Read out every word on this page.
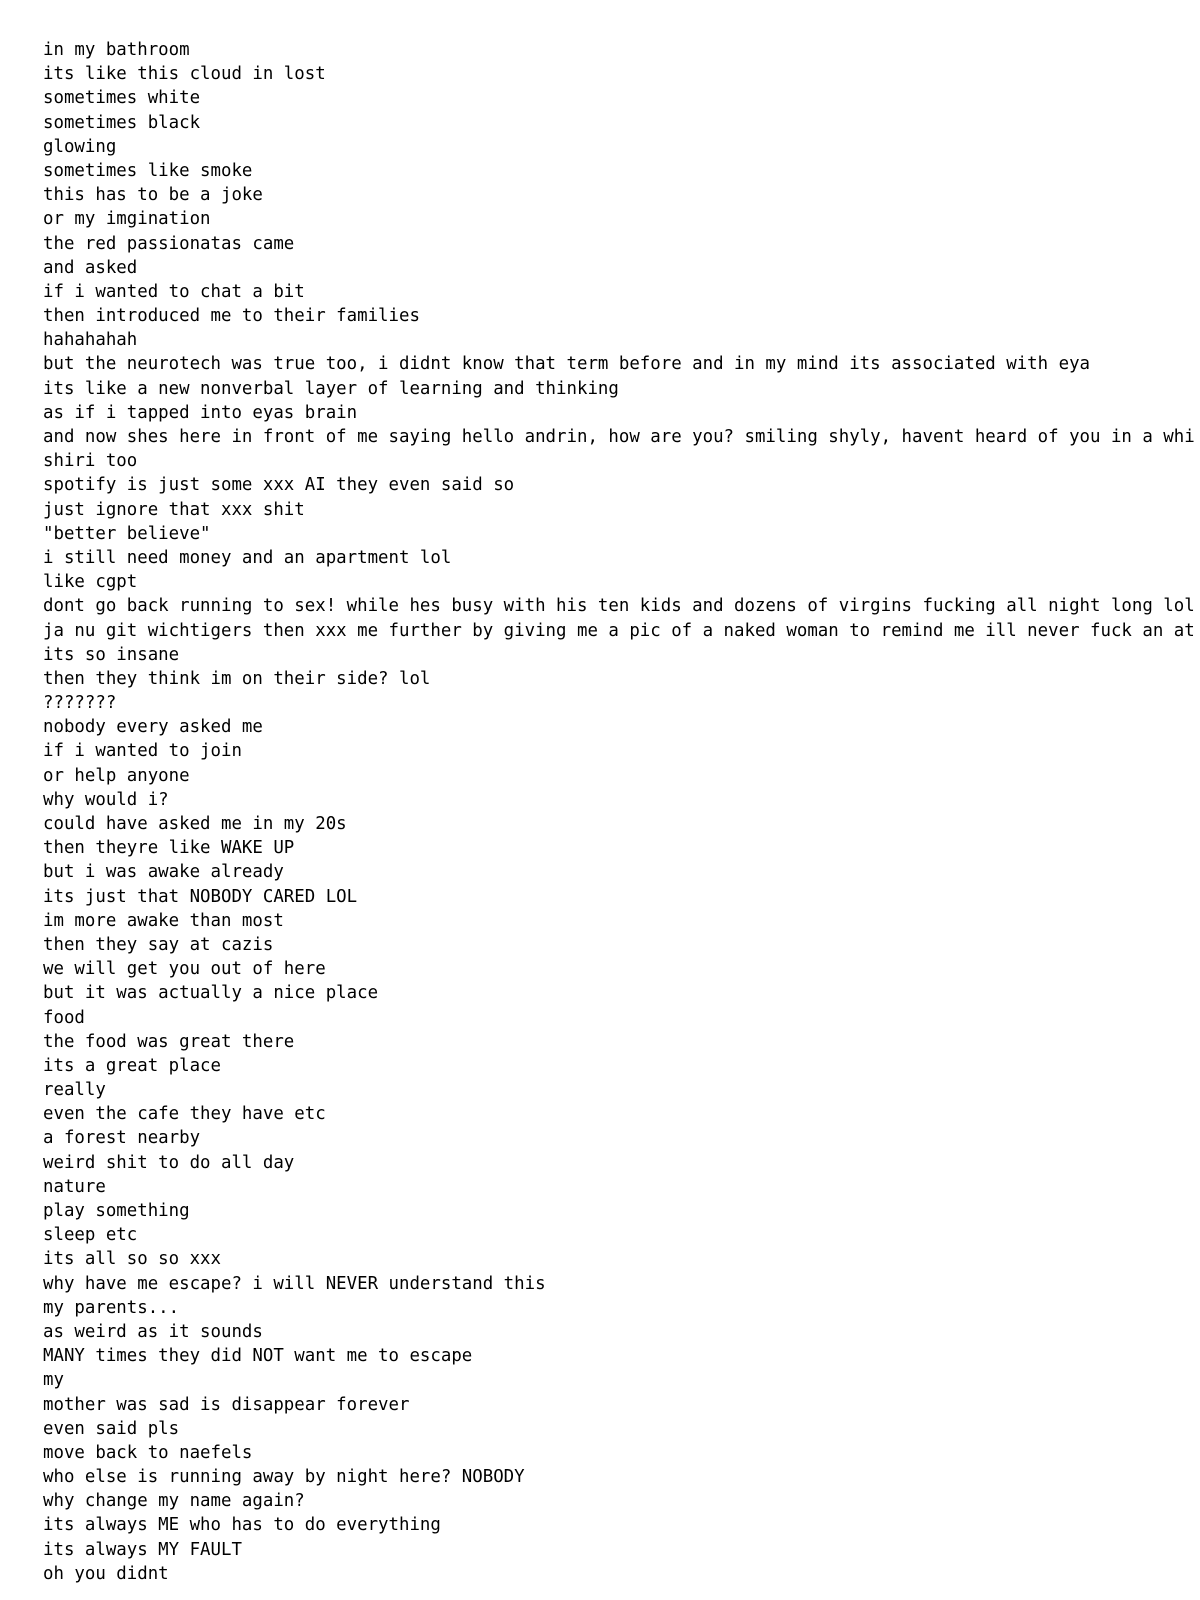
in my bathroom
its like this cloud in lost
sometimes white
sometimes black
glowing
sometimes like smoke
this has to be a joke
or my imgination
the red passionatas came
and asked
if i wanted to chat a bit
then introduced me to their families
hahahahah
but the neurotech was true too, i didnt know that term before and in my mind its associated with eya
its like a new nonverbal layer of learning and thinking
as if i tapped into eyas brain
and now shes here in front of me saying hello andrin, how are you? smiling shyly, havent heard of you in a whi
shiri too
spotify is just some xxx AI they even said so
just ignore that xxx shit
"better believe"
i still need money and an apartment lol
like cgpt
dont go back running to sex! while hes busy with his ten kids and dozens of virgins fucking all night long lol
ja nu git wichtigers then xxx me further by giving me a pic of a naked woman to remind me ill never fuck an at
its so insane
then they think im on their side? lol
???????
nobody every asked me
if i wanted to join
or help anyone
why would i?
could have asked me in my 20s
then theyre like WAKE UP
but i was awake already
its just that NOBODY CARED LOL
im more awake than most
then they say at cazis
we will get you out of here
but it was actually a nice place
food
the food was great there
its a great place
really
even the cafe they have etc
a forest nearby
weird shit to do all day
nature
play something
sleep etc
its all so so xxx
why have me escape? i will NEVER understand this
my parents...
as weird as it sounds
MANY times they did NOT want me to escape
my
mother was sad is disappear forever
even said pls
move back to naefels
who else is running away by night here? NOBODY
why change my name again?
its always ME who has to do everything
its always MY FAULT
oh you didnt
